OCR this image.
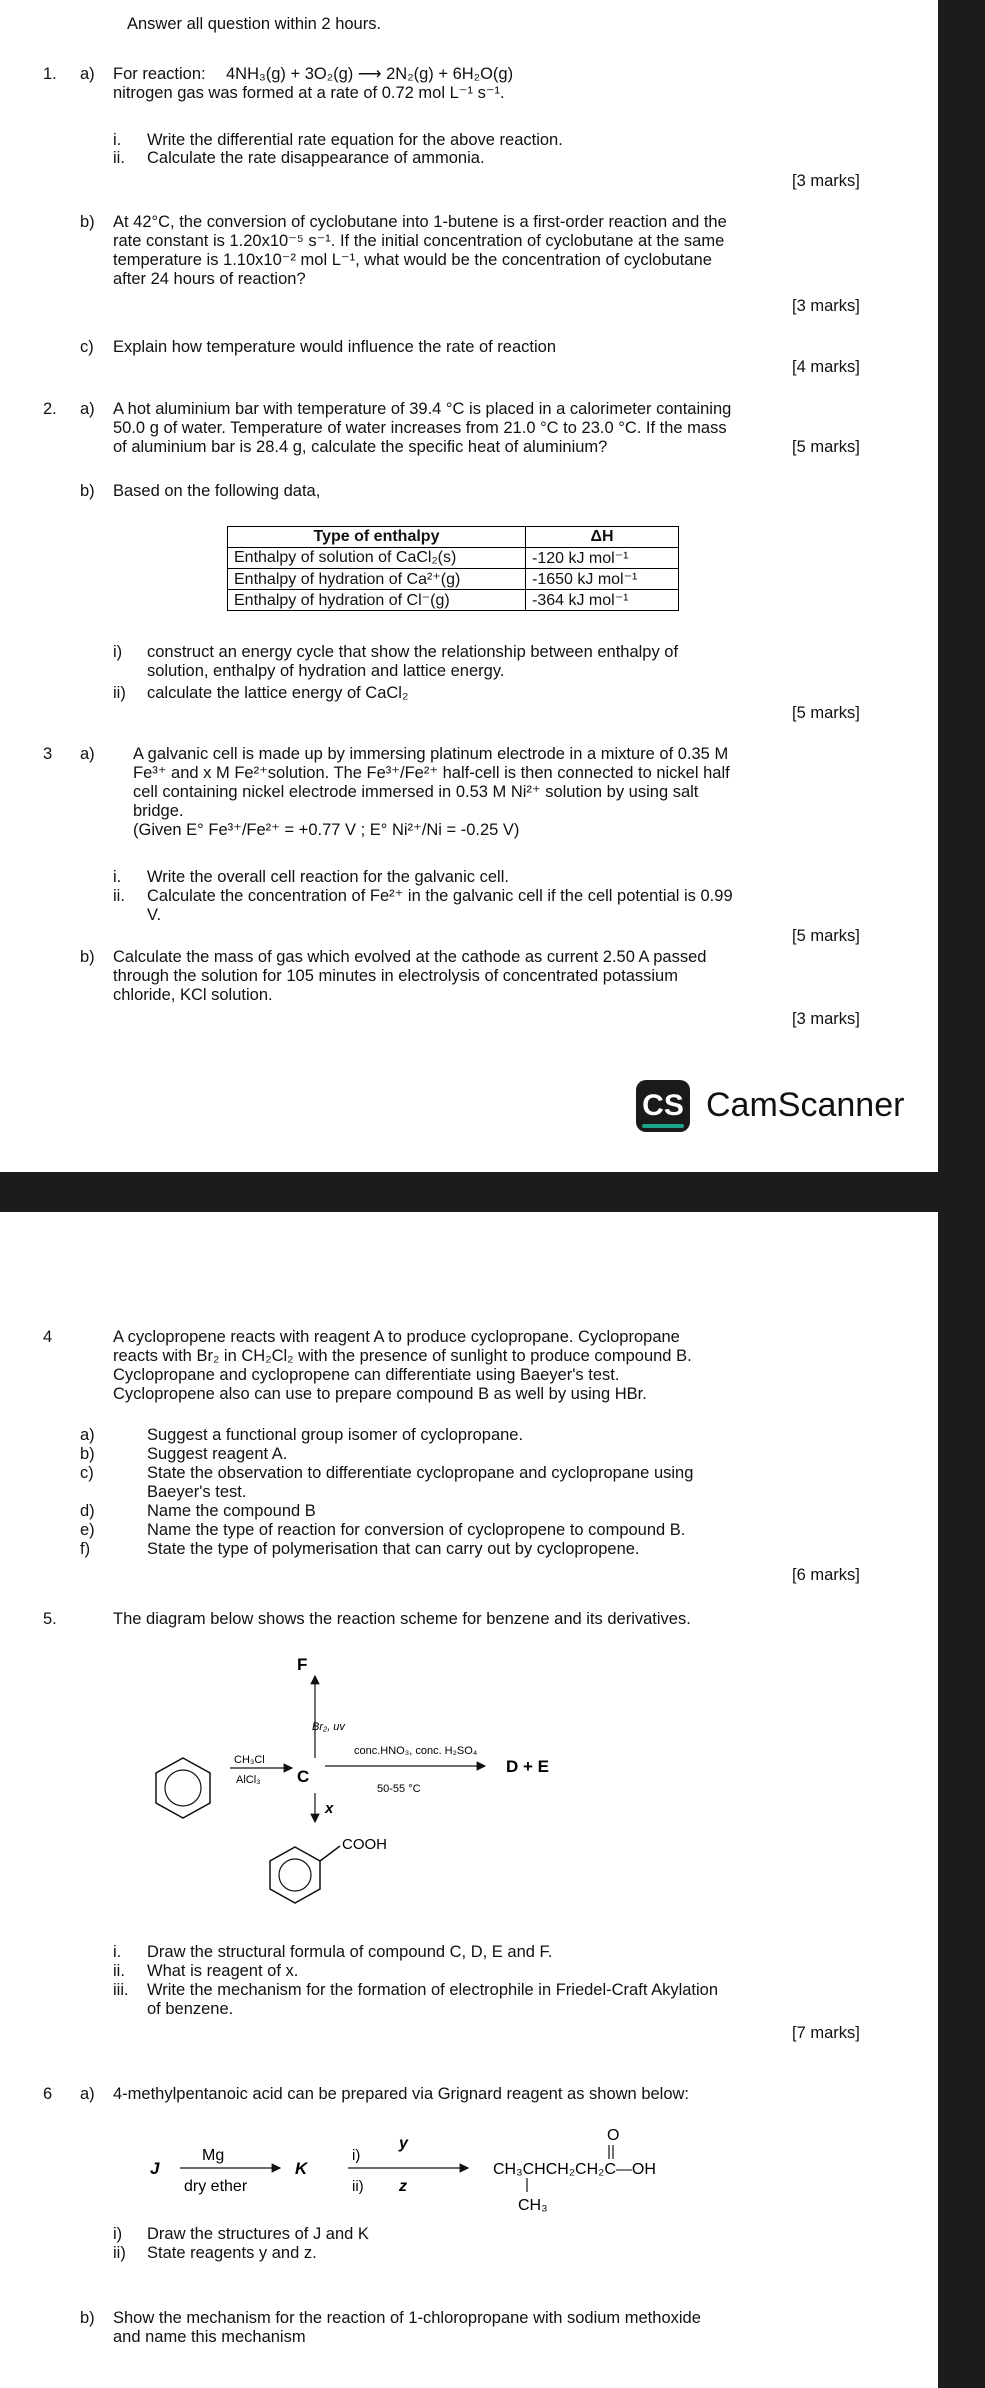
Answer all question within 2 hours.
1. a) For reaction: 4NH₃(g) + 3O₂(g) ⟶ 2N₂(g) + 6H₂O(g)
nitrogen gas was formed at a rate of 0.72 mol L⁻¹ s⁻¹.
i. Write the differential rate equation for the above reaction.
ii. Calculate the rate disappearance of ammonia.
[3 marks]
b) At 42°C, the conversion of cyclobutane into 1-butene is a first-order reaction and the
rate constant is 1.20x10⁻⁵ s⁻¹. If the initial concentration of cyclobutane at the same
temperature is 1.10x10⁻² mol L⁻¹, what would be the concentration of cyclobutane
after 24 hours of reaction?
[3 marks]
c) Explain how temperature would influence the rate of reaction
[4 marks]
2. a) A hot aluminium bar with temperature of 39.4 °C is placed in a calorimeter containing
50.0 g of water. Temperature of water increases from 21.0 °C to 23.0 °C. If the mass
of aluminium bar is 28.4 g, calculate the specific heat of aluminium?	[5 marks]
b) Based on the following data,
Type of enthalpy	ΔH
Enthalpy of solution of CaCl₂(s)	-120 kJ mol⁻¹
Enthalpy of hydration of Ca²⁺(g)	-1650 kJ mol⁻¹
Enthalpy of hydration of Cl⁻(g)	-364 kJ mol⁻¹
i) construct an energy cycle that show the relationship between enthalpy of
solution, enthalpy of hydration and lattice energy.
ii) calculate the lattice energy of CaCl₂
[5 marks]
3 a) A galvanic cell is made up by immersing platinum electrode in a mixture of 0.35 M
Fe³⁺ and x M Fe²⁺solution. The Fe³⁺/Fe²⁺ half-cell is then connected to nickel half
cell containing nickel electrode immersed in 0.53 M Ni²⁺ solution by using salt
bridge.
(Given E° Fe³⁺/Fe²⁺ = +0.77 V ; E° Ni²⁺/Ni = -0.25 V)
i. Write the overall cell reaction for the galvanic cell.
ii. Calculate the concentration of Fe²⁺ in the galvanic cell if the cell potential is 0.99
V.
[5 marks]
b) Calculate the mass of gas which evolved at the cathode as current 2.50 A passed
through the solution for 105 minutes in electrolysis of concentrated potassium
chloride, KCl solution.
[3 marks]
CS CamScanner
4	A cyclopropene reacts with reagent A to produce cyclopropane. Cyclopropane
reacts with Br₂ in CH₂Cl₂ with the presence of sunlight to produce compound B.
Cyclopropane and cyclopropene can differentiate using Baeyer's test.
Cyclopropene also can use to prepare compound B as well by using HBr.
a)	Suggest a functional group isomer of cyclopropane.
b)	Suggest reagent A.
c)	State the observation to differentiate cyclopropane and cyclopropane using
Baeyer's test.
d)	Name the compound B
e)	Name the type of reaction for conversion of cyclopropene to compound B.
f)	State the type of polymerisation that can carry out by cyclopropene.
[6 marks]
5.	The diagram below shows the reaction scheme for benzene and its derivatives.
CH₃Cl
AlCl₃ C
F
Br₂, uv
conc.HNO₃, conc. H₂SO₄
50-55 °C
D + E
x
COOH
i. Draw the structural formula of compound C, D, E and F.
ii. What is reagent of x.
iii. Write the mechanism for the formation of electrophile in Friedel-Craft Akylation
of benzene.
[7 marks]
6 a) 4-methylpentanoic acid can be prepared via Grignard reagent as shown below:
J
Mg
dry ether
K
i)
ii)
y
z
CH₃CHCH₂CH₂C—OH
O
CH₃
i) Draw the structures of J and K
ii) State reagents y and z.
b) Show the mechanism for the reaction of 1-chloropropane with sodium methoxide
and name this mechanism
